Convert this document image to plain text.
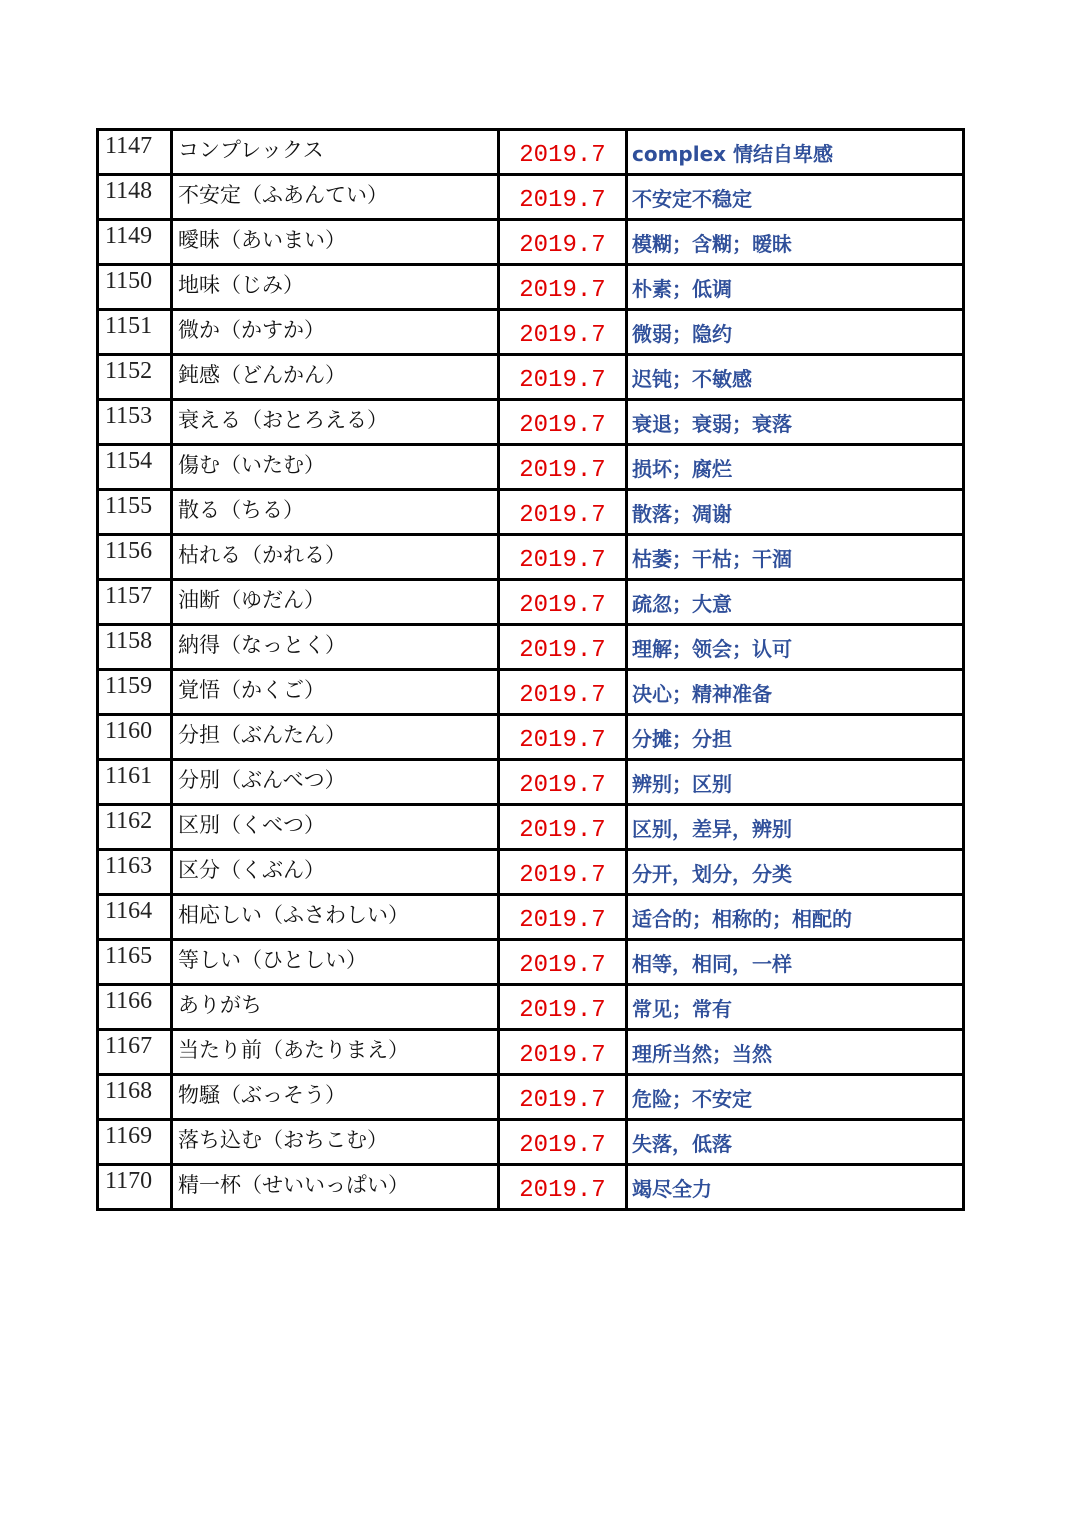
1147	コンプレックス	2019.7	complex 情结自卑感
1148	不安定（ふあんてい）	2019.7	不安定不稳定
1149	曖昧（あいまい）	2019.7	模糊；含糊；暧昧
1150	地味（じみ）	2019.7	朴素；低调
1151	微か（かすか）	2019.7	微弱；隐约
1152	鈍感（どんかん）	2019.7	迟钝；不敏感
1153	衰える（おとろえる）	2019.7	衰退；衰弱；衰落
1154	傷む（いたむ）	2019.7	损坏；腐烂
1155	散る（ちる）	2019.7	散落；凋谢
1156	枯れる（かれる）	2019.7	枯萎；干枯；干涸
1157	油断（ゆだん）	2019.7	疏忽；大意
1158	納得（なっとく）	2019.7	理解；领会；认可
1159	覚悟（かくご）	2019.7	决心；精神准备
1160	分担（ぶんたん）	2019.7	分摊；分担
1161	分別（ぶんべつ）	2019.7	辨别；区别
1162	区別（くべつ）	2019.7	区别，差异，辨别
1163	区分（くぶん）	2019.7	分开，划分，分类
1164	相応しい（ふさわしい）	2019.7	适合的；相称的；相配的
1165	等しい（ひとしい）	2019.7	相等，相同，一样
1166	ありがち	2019.7	常见；常有
1167	当たり前（あたりまえ）	2019.7	理所当然；当然
1168	物騒（ぶっそう）	2019.7	危险；不安定
1169	落ち込む（おちこむ）	2019.7	失落，低落
1170	精一杯（せいいっぱい）	2019.7	竭尽全力
